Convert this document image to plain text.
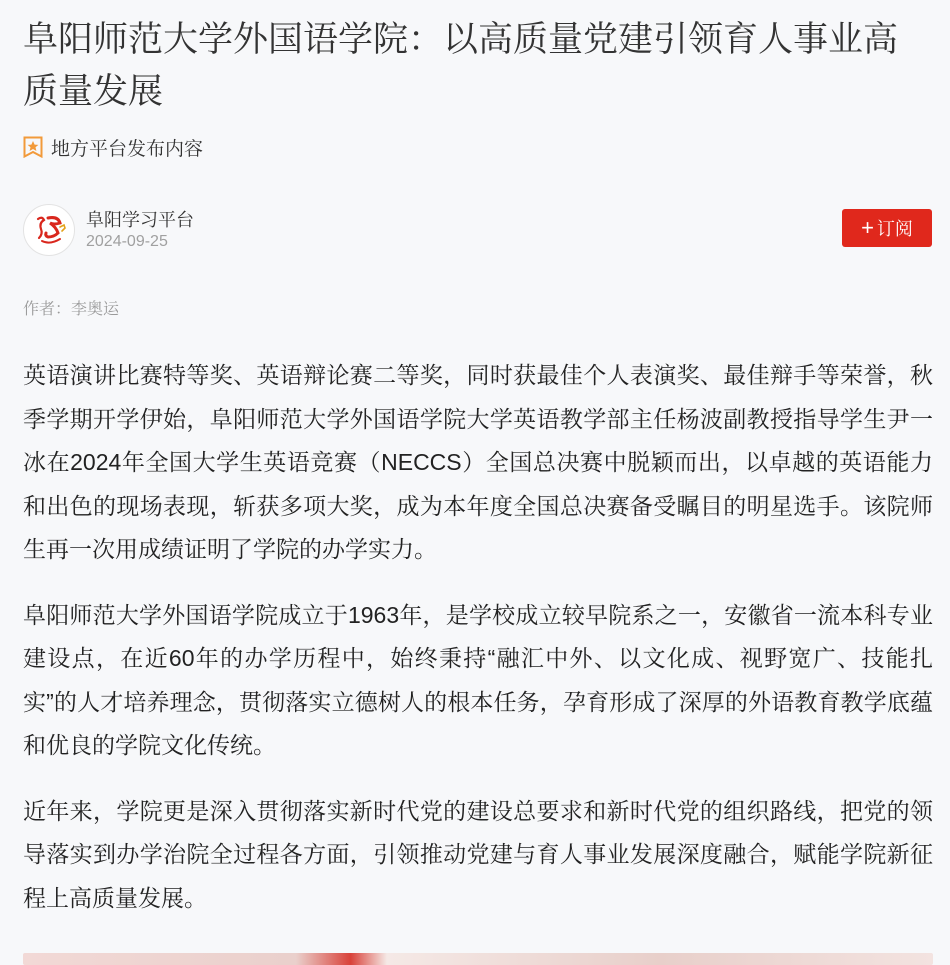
阜阳师范大学外国语学院：以高质量党建引领育人事业高质量发展
地方平台发布内容
阜阳学习平台
2024-09-25
+ 订阅
作者：李奥运

英语演讲比赛特等奖、英语辩论赛二等奖，同时获最佳个人表演奖、最佳辩手等荣誉，秋季学期开学伊始，阜阳师范大学外国语学院大学英语教学部主任杨波副教授指导学生尹一冰在2024年全国大学生英语竞赛（NECCS）全国总决赛中脱颖而出，以卓越的英语能力和出色的现场表现，斩获多项大奖，成为本年度全国总决赛备受瞩目的明星选手。该院师生再一次用成绩证明了学院的办学实力。

阜阳师范大学外国语学院成立于1963年，是学校成立较早院系之一，安徽省一流本科专业建设点，在近60年的办学历程中，始终秉持“融汇中外、以文化成、视野宽广、技能扎实”的人才培养理念，贯彻落实立德树人的根本任务，孕育形成了深厚的外语教育教学底蕴和优良的学院文化传统。

近年来，学院更是深入贯彻落实新时代党的建设总要求和新时代党的组织路线，把党的领导落实到办学治院全过程各方面，引领推动党建与育人事业发展深度融合，赋能学院新征程上高质量发展。
